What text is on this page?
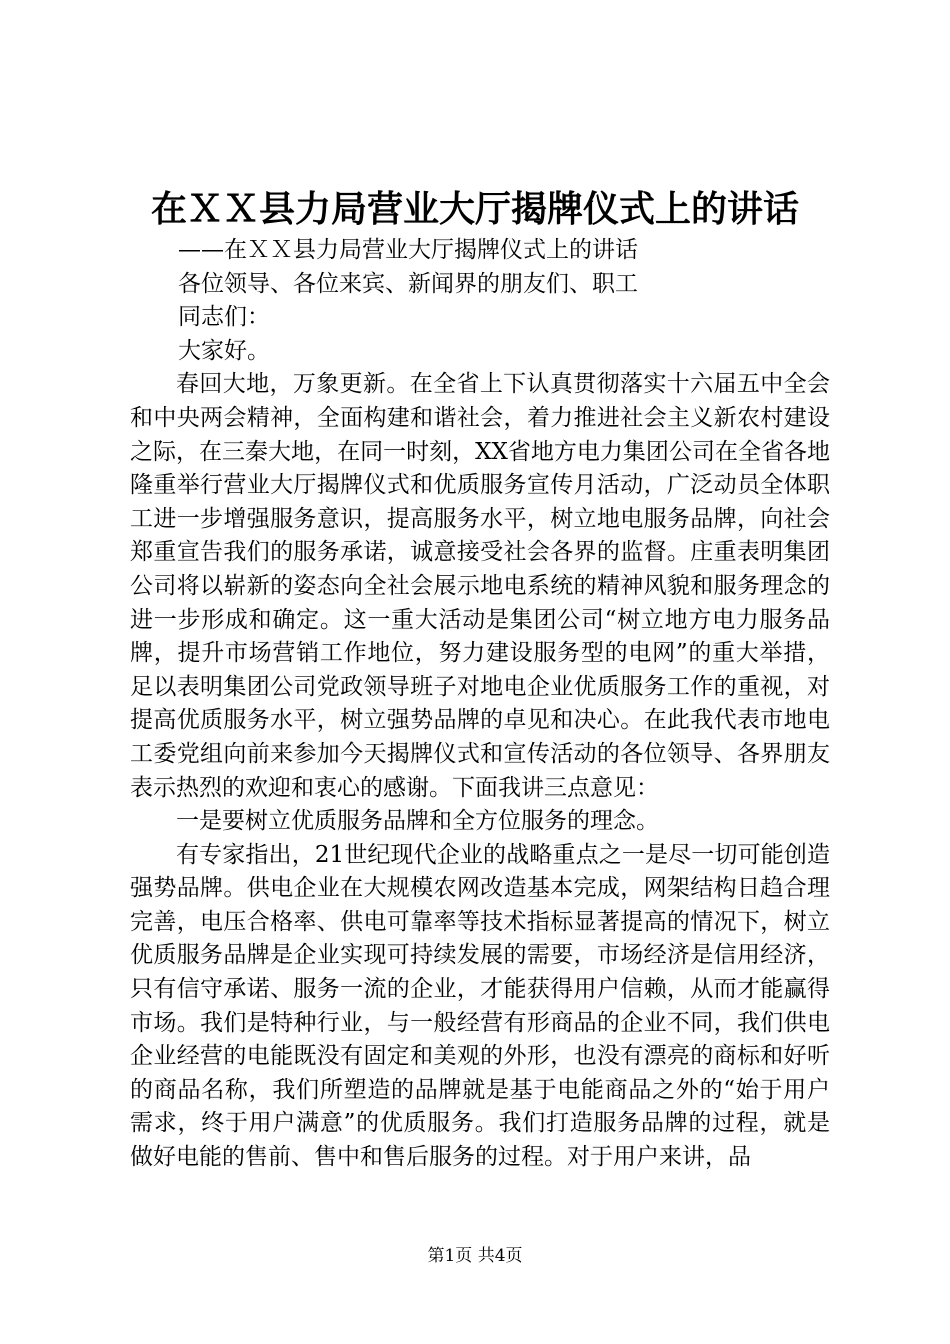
在ＸＸ县力局营业大厅揭牌仪式上的讲话

——在ＸＸ县力局营业大厅揭牌仪式上的讲话

各位领导、各位来宾、新闻界的朋友们、职工

同志们：

大家好。

春回大地，万象更新。在全省上下认真贯彻落实十六届五中全会和中央两会精神，全面构建和谐社会，着力推进社会主义新农村建设之际，在三秦大地，在同一时刻，XX省地方电力集团公司在全省各地隆重举行营业大厅揭牌仪式和优质服务宣传月活动，广泛动员全体职工进一步增强服务意识，提高服务水平，树立地电服务品牌，向社会郑重宣告我们的服务承诺，诚意接受社会各界的监督。庄重表明集团公司将以崭新的姿态向全社会展示地电系统的精神风貌和服务理念的进一步形成和确定。这一重大活动是集团公司“树立地方电力服务品牌，提升市场营销工作地位，努力建设服务型的电网”的重大举措，足以表明集团公司党政领导班子对地电企业优质服务工作的重视，对提高优质服务水平，树立强势品牌的卓见和决心。在此我代表市地电工委党组向前来参加今天揭牌仪式和宣传活动的各位领导、各界朋友表示热烈的欢迎和衷心的感谢。下面我讲三点意见：

一是要树立优质服务品牌和全方位服务的理念。

有专家指出，21世纪现代企业的战略重点之一是尽一切可能创造强势品牌。供电企业在大规模农网改造基本完成，网架结构日趋合理完善，电压合格率、供电可靠率等技术指标显著提高的情况下，树立优质服务品牌是企业实现可持续发展的需要，市场经济是信用经济，只有信守承诺、服务一流的企业，才能获得用户信赖，从而才能赢得市场。我们是特种行业，与一般经营有形商品的企业不同，我们供电企业经营的电能既没有固定和美观的外形，也没有漂亮的商标和好听的商品名称，我们所塑造的品牌就是基于电能商品之外的“始于用户需求，终于用户满意”的优质服务。我们打造服务品牌的过程，就是做好电能的售前、售中和售后服务的过程。对于用户来讲，品

第1页 共4页
